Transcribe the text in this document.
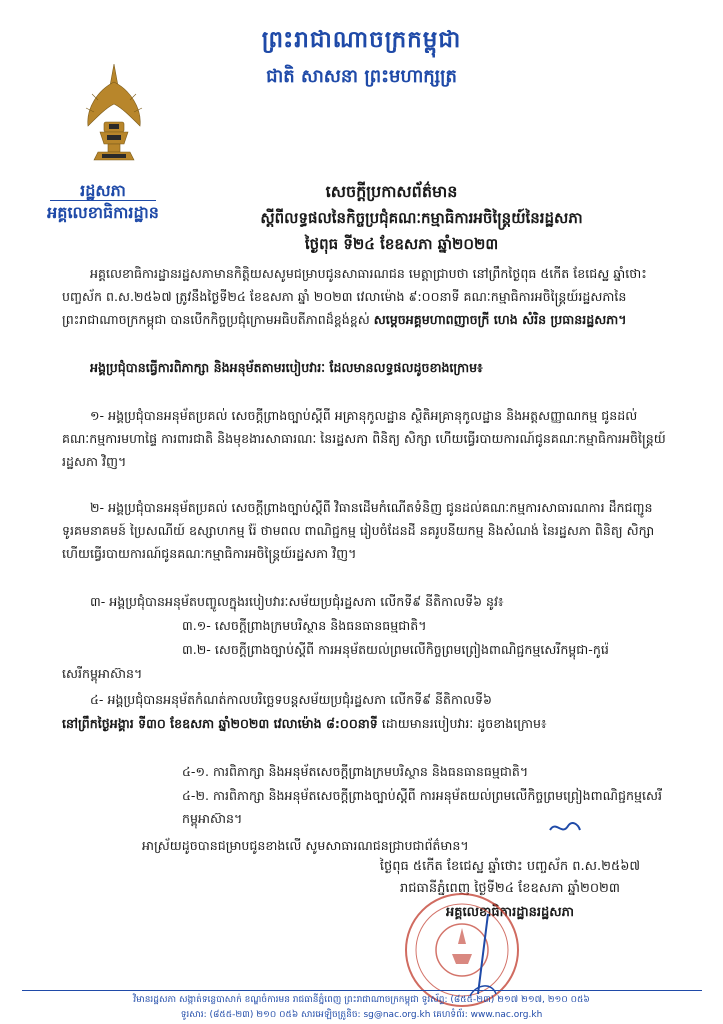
ព្រះរាជាណាចក្រកម្ពុជា
ជាតិ សាសនា ព្រះមហាក្សត្រ
រដ្ឋសភា
អគ្គលេខាធិការដ្ឋាន
សេចក្តីប្រកាសព័ត៌មាន
ស្តីពីលទ្ធផលនៃកិច្ចប្រជុំគណៈកម្មាធិការអចិន្ត្រៃយ៍នៃរដ្ឋសភា
ថ្ងៃពុធ ទី២៤ ខែឧសភា ឆ្នាំ២០២៣

អគ្គលេខាធិការដ្ឋានរដ្ឋសភាមានកិត្តិយសសូមជម្រាបជូនសាធារណជន មេត្តាជ្រាបថា នៅព្រឹកថ្ងៃពុធ ៥កើត ខែជេស្ឋ ឆ្នាំថោះ បញ្ចស័ក ព.ស.២៥៦៧ ត្រូវនឹងថ្ងៃទី២៤ ខែឧសភា ឆ្នាំ ២០២៣ វេលាម៉ោង ៩:០០នាទី គណៈកម្មាធិការអចិន្ត្រៃយ៍រដ្ឋសភានៃព្រះរាជាណាចក្រកម្ពុជា បានបើកកិច្ចប្រជុំក្រោមអធិបតីភាពដ៏ខ្ពង់ខ្ពស់ សម្តេចអគ្គមហាពញាចក្រី ហេង សំរិន ប្រធានរដ្ឋសភា។

អង្គប្រជុំបានធ្វើការពិភាក្សា និងអនុម័តតាមរបៀបវារៈ ដែលមានលទ្ធផលដូចខាងក្រោម៖

១- អង្គប្រជុំបានអនុម័តប្រគល់ សេចក្តីព្រាងច្បាប់ស្តីពី អគ្រានុកូលដ្ឋាន ស្ថិតិអគ្រានុកូលដ្ឋាន និងអត្តសញ្ញាណកម្ម ជូនដល់គណៈកម្មការមហាផ្ទៃ ការពារជាតិ និងមុខងារសាធារណៈ នៃរដ្ឋសភា ពិនិត្យ សិក្សា ហើយធ្វើរបាយការណ៍ជូនគណៈកម្មាធិការអចិន្ត្រៃយ៍រដ្ឋសភា វិញ។

២- អង្គប្រជុំបានអនុម័តប្រគល់ សេចក្តីព្រាងច្បាប់ស្តីពី វិធានដើមកំណើតទំនិញ ជូនដល់គណៈកម្មការសាធារណការ ដឹកជញ្ជូន ទូរគមនាគមន៍ ប្រៃសណីយ៍ ឧស្សាហកម្ម រ៉ែ ថាមពល ពាណិជ្ជកម្ម រៀបចំដែនដី នគរូបនីយកម្ម និងសំណង់ នៃរដ្ឋសភា ពិនិត្យ សិក្សា ហើយធ្វើរបាយការណ៍ជូនគណៈកម្មាធិការអចិន្ត្រៃយ៍រដ្ឋសភា វិញ។

៣- អង្គប្រជុំបានអនុម័តបញ្ចូលក្នុងរបៀបវារៈសម័យប្រជុំរដ្ឋសភា លើកទី៩ នីតិកាលទី៦ នូវ៖

៣.១- សេចក្តីព្រាងក្រមបរិស្ថាន និងធនធានធម្មជាតិ។

៣.២- សេចក្តីព្រាងច្បាប់ស្តីពី ការអនុម័តយល់ព្រមលើកិច្ចព្រមព្រៀងពាណិជ្ជកម្មសេរីកម្ពុជា-កូរ៉េ

សេរីកម្ពុអាស៊ាន។

៤- អង្គប្រជុំបានអនុម័តកំណត់កាលបរិច្ឆេទបន្តសម័យប្រជុំរដ្ឋសភា លើកទី៩ នីតិកាលទី៦

នៅព្រឹកថ្ងៃអង្គារ ទី៣០ ខែឧសភា ឆ្នាំ២០២៣ វេលាម៉ោង ៨:០០នាទី ដោយមានរបៀបវារៈ ដូចខាងក្រោម៖

៤-១. ការពិភាក្សា និងអនុម័តសេចក្តីព្រាងក្រមបរិស្ថាន និងធនធានធម្មជាតិ។

៤-២. ការពិភាក្សា និងអនុម័តសេចក្តីព្រាងច្បាប់ស្តីពី ការអនុម័តយល់ព្រមលើកិច្ចព្រមព្រៀងពាណិជ្ជកម្មសេរីកម្ពុអាស៊ាន។

អាស្រ័យដូចបានជម្រាបជូនខាងលើ សូមសាធារណជនជ្រាបជាព័ត៌មាន។

ថ្ងៃពុធ ៥កើត ខែជេស្ឋ ឆ្នាំថោះ បញ្ចស័ក ព.ស.២៥៦៧
រាជធានីភ្នំពេញ ថ្ងៃទី២៤ ខែឧសភា ឆ្នាំ២០២៣
អគ្គលេខាធិការដ្ឋានរដ្ឋសភា
វិមានរដ្ឋសភា សង្កាត់ទន្លេបាសាក់ ខណ្ឌចំការមន រាជធានីភ្នំពេញ ព្រះរាជាណាចក្រកម្ពុជា ទូរស័ព្ទ: (៨៥៥-២៣) ២១៧ ២១៧, ២១០ ០៥៦
ទូរសារ: (៨៥៥-២៣) ២១០ ០៥៦ សារអេឡិចត្រូនិច: sg@nac.org.kh គេហទំព័រ: www.nac.org.kh
